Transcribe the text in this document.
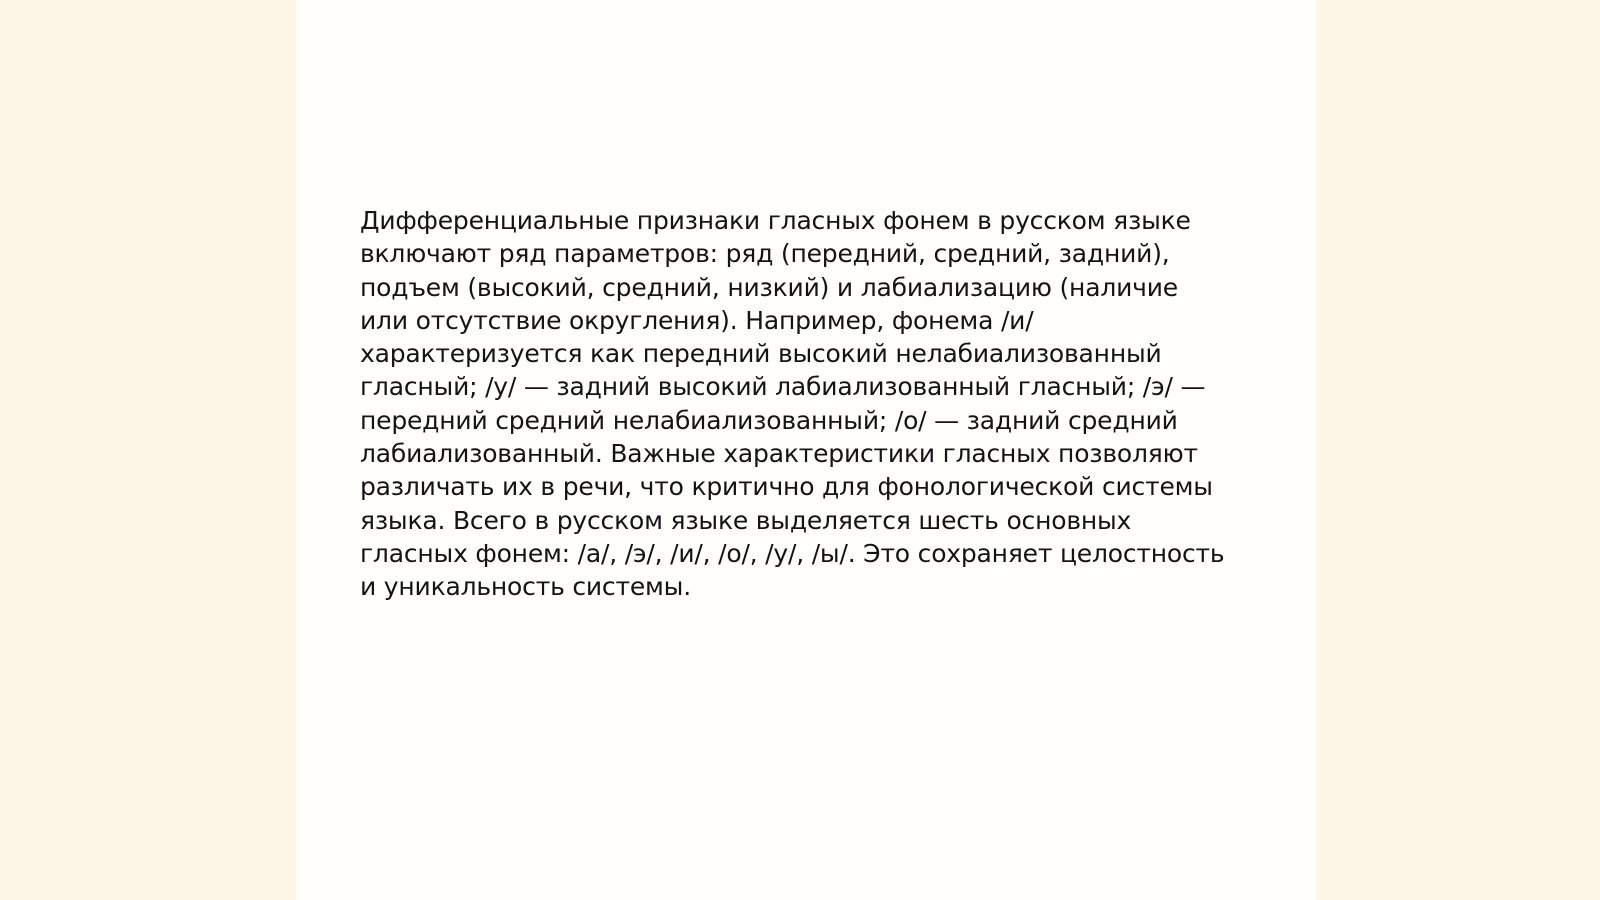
Дифференциальные признаки гласных фонем в русском языке включают ряд параметров: ряд (передний, средний, задний), подъем (высокий, средний, низкий) и лабиализацию (наличие или отсутствие округления). Например, фонема /и/ характеризуется как передний высокий нелабиализованный гласный; /у/ — задний высокий лабиализованный гласный; /э/ — передний средний нелабиализованный; /о/ — задний средний лабиализованный. Важные характеристики гласных позволяют различать их в речи, что критично для фонологической системы языка. Всего в русском языке выделяется шесть основных гласных фонем: /а/, /э/, /и/, /о/, /у/, /ы/. Это сохраняет целостность и уникальность системы.
